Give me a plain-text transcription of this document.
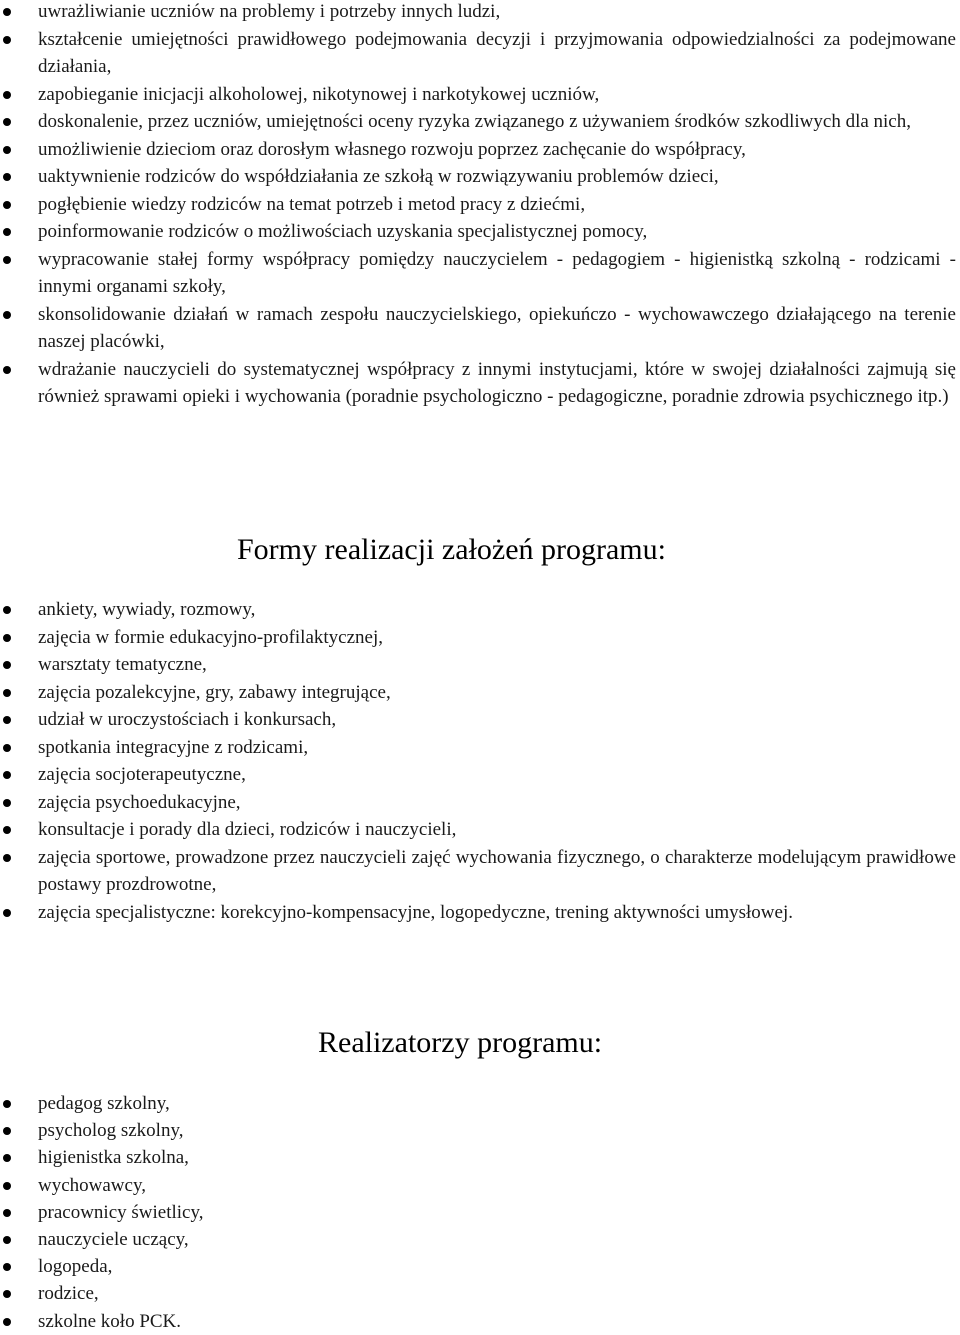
uwrażliwianie uczniów na problemy i potrzeby innych ludzi,
kształcenie umiejętności prawidłowego podejmowania decyzji i przyjmowania odpowiedzialności za podejmowane działania,
zapobieganie inicjacji alkoholowej, nikotynowej i narkotykowej uczniów,
doskonalenie, przez uczniów, umiejętności oceny ryzyka związanego z używaniem środków szkodliwych dla nich,
umożliwienie dzieciom oraz dorosłym własnego rozwoju poprzez zachęcanie do współpracy,
uaktywnienie rodziców do współdziałania ze szkołą w rozwiązywaniu problemów dzieci,
pogłębienie wiedzy rodziców na temat potrzeb i metod pracy z dziećmi,
poinformowanie rodziców o możliwościach uzyskania specjalistycznej pomocy,
wypracowanie stałej formy współpracy pomiędzy nauczycielem - pedagogiem - higienistką szkolną - rodzicami - innymi organami szkoły,
skonsolidowanie działań w ramach zespołu nauczycielskiego, opiekuńczo - wychowawczego działającego na terenie naszej placówki,
wdrażanie nauczycieli do systematycznej współpracy z innymi instytucjami, które w swojej działalności zajmują się również sprawami opieki i wychowania (poradnie psychologiczno - pedagogiczne, poradnie zdrowia psychicznego itp.)
Formy realizacji założeń programu:
ankiety, wywiady, rozmowy,
zajęcia w formie edukacyjno-profilaktycznej,
warsztaty tematyczne,
zajęcia pozalekcyjne, gry, zabawy integrujące,
udział w uroczystościach i konkursach,
spotkania integracyjne z rodzicami,
zajęcia socjoterapeutyczne,
zajęcia psychoedukacyjne,
konsultacje i porady dla dzieci, rodziców i nauczycieli,
zajęcia sportowe, prowadzone przez nauczycieli zajęć wychowania fizycznego, o charakterze modelującym prawidłowe postawy prozdrowotne,
zajęcia specjalistyczne: korekcyjno-kompensacyjne, logopedyczne, trening aktywności umysłowej.
Realizatorzy programu:
pedagog szkolny,
psycholog szkolny,
higienistka szkolna,
wychowawcy,
pracownicy świetlicy,
nauczyciele uczący,
logopeda,
rodzice,
szkolne koło PCK.
